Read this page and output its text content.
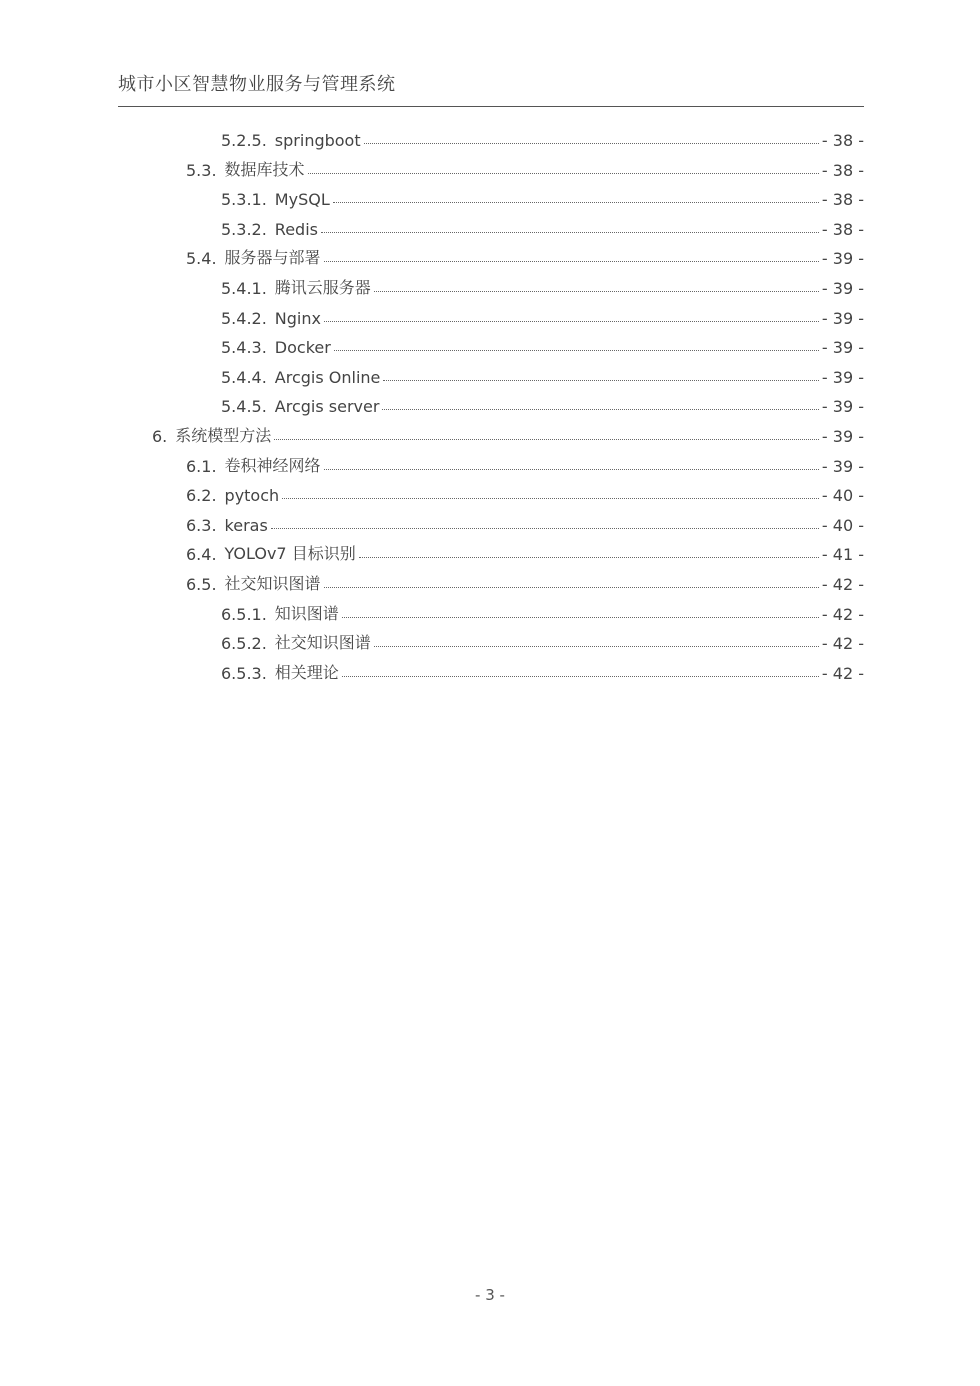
城市小区智慧物业服务与管理系统
5.2.5. springboot	- 38 -
5.3. 数据库技术	- 38 -
5.3.1. MySQL	- 38 -
5.3.2. Redis	- 38 -
5.4. 服务器与部署	- 39 -
5.4.1. 腾讯云服务器	- 39 -
5.4.2. Nginx	- 39 -
5.4.3. Docker	- 39 -
5.4.4. Arcgis Online	- 39 -
5.4.5. Arcgis server	- 39 -
6. 系统模型方法	- 39 -
6.1. 卷积神经网络	- 39 -
6.2. pytoch	- 40 -
6.3. keras	- 40 -
6.4. YOLOv7 目标识别	- 41 -
6.5. 社交知识图谱	- 42 -
6.5.1. 知识图谱	- 42 -
6.5.2. 社交知识图谱	- 42 -
6.5.3. 相关理论	- 42 -
- 3 -
